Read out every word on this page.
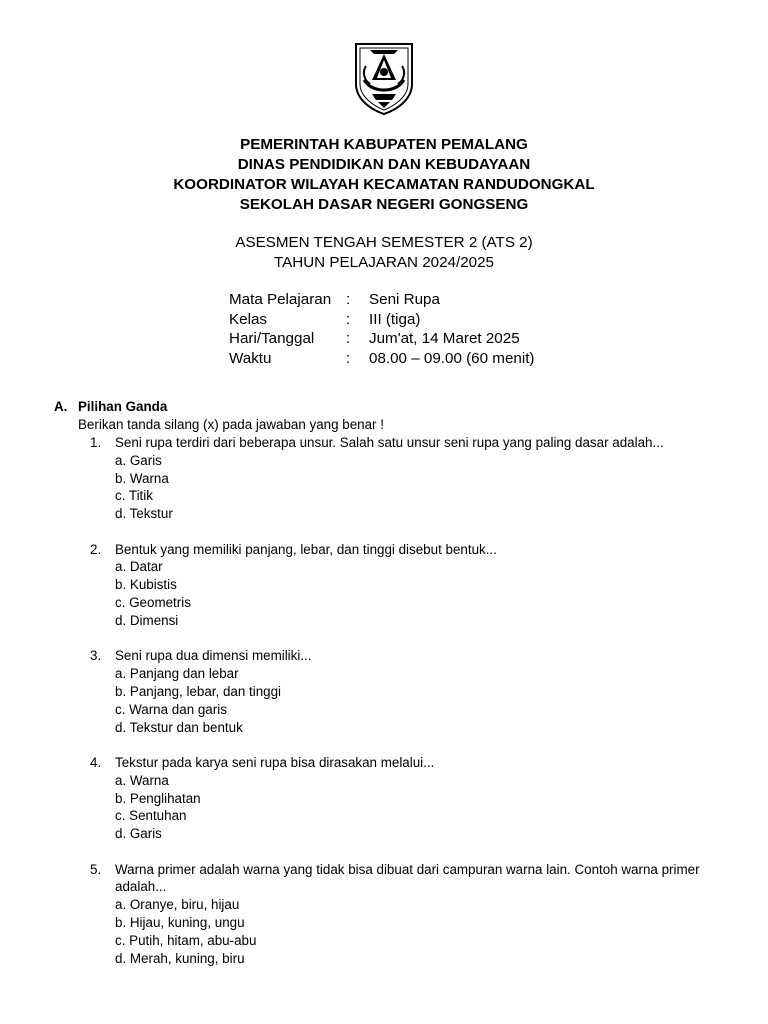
PEMERINTAH KABUPATEN PEMALANG
DINAS PENDIDIKAN DAN KEBUDAYAAN
KOORDINATOR WILAYAH KECAMATAN RANDUDONGKAL
SEKOLAH DASAR NEGERI GONGSENG
ASESMEN TENGAH SEMESTER 2 (ATS 2)
TAHUN PELAJARAN 2024/2025
Mata Pelajaran :	Seni Rupa
Kelas	:	III (tiga)
Hari/Tanggal	:	Jum'at, 14 Maret 2025
Waktu	:	08.00 – 09.00 (60 menit)
A. Pilihan Ganda
Berikan tanda silang (x) pada jawaban yang benar !
1.	Seni rupa terdiri dari beberapa unsur. Salah satu unsur seni rupa yang paling dasar adalah...
a. Garis
b. Warna
c. Titik
d. Tekstur
2.	Bentuk yang memiliki panjang, lebar, dan tinggi disebut bentuk...
a. Datar
b. Kubistis
c. Geometris
d. Dimensi
3.	Seni rupa dua dimensi memiliki...
a. Panjang dan lebar
b. Panjang, lebar, dan tinggi
c. Warna dan garis
d. Tekstur dan bentuk
4.	Tekstur pada karya seni rupa bisa dirasakan melalui...
a. Warna
b. Penglihatan
c. Sentuhan
d. Garis
5.	Warna primer adalah warna yang tidak bisa dibuat dari campuran warna lain. Contoh warna primer adalah...
a. Oranye, biru, hijau
b. Hijau, kuning, ungu
c. Putih, hitam, abu-abu
d. Merah, kuning, biru
